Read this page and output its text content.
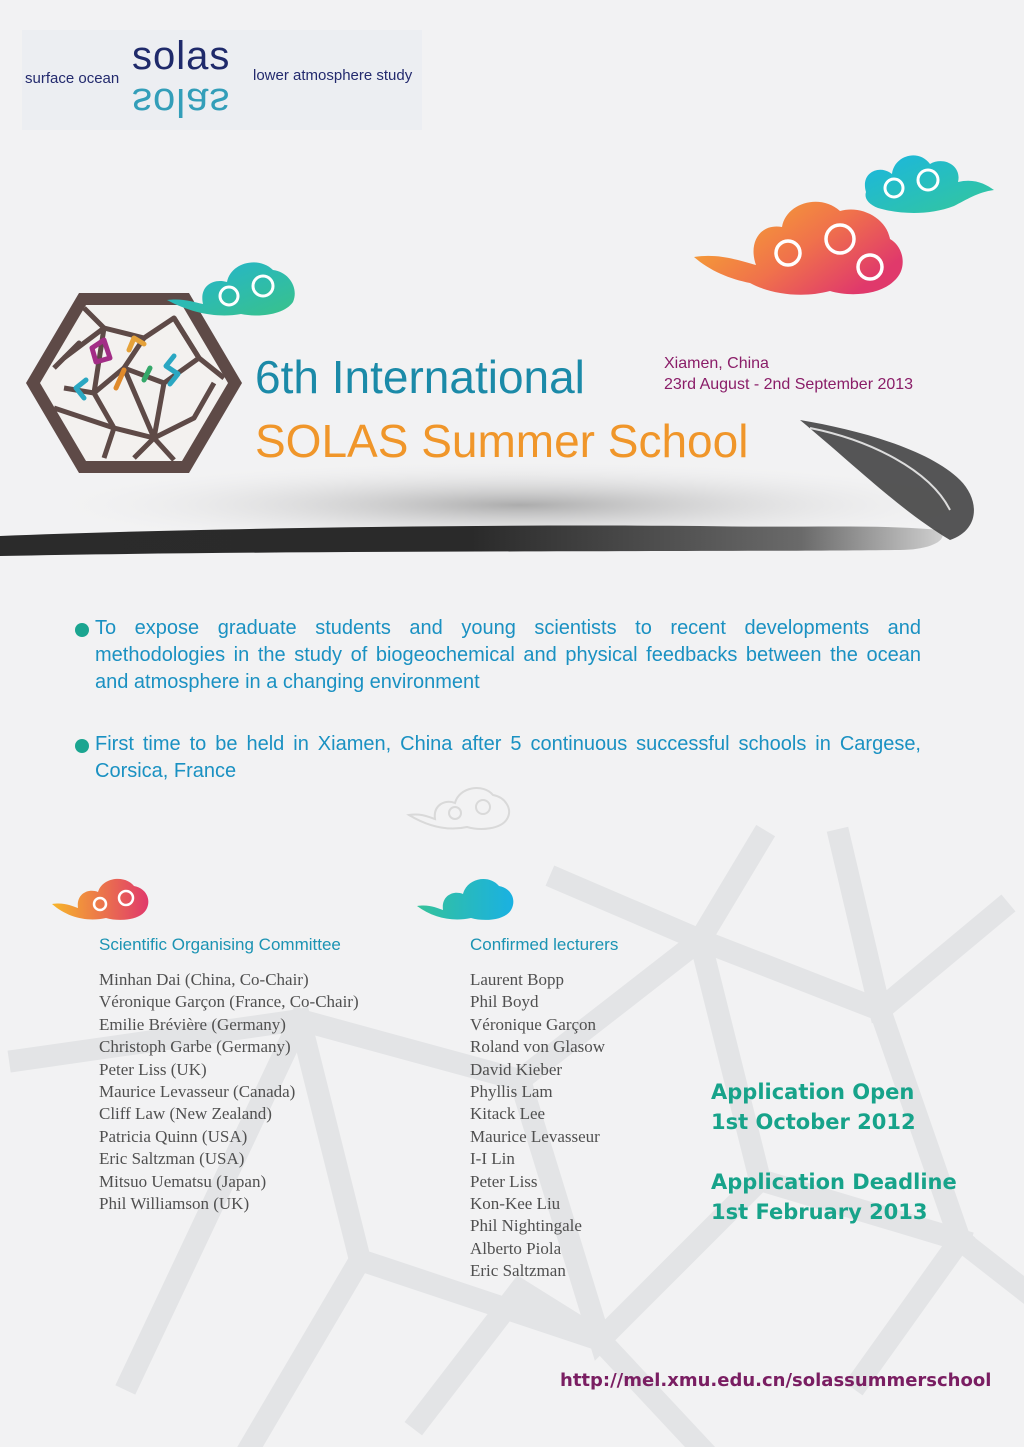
surface ocean
solas
solas
lower atmosphere study
6th International
SOLAS Summer School
Xiamen, China
23rd August - 2nd September 2013
To expose graduate students and young scientists to recent developments and methodologies in the study of biogeochemical and physical feedbacks between the ocean and atmosphere in a changing environment
First time to be held in Xiamen, China after 5 continuous successful schools in Cargese, Corsica, France
Scientific Organising Committee
Minhan Dai (China, Co-Chair)
Véronique Garçon (France, Co-Chair)
Emilie Brévière (Germany)
Christoph Garbe (Germany)
Peter Liss (UK)
Maurice Levasseur (Canada)
Cliff Law (New Zealand)
Patricia Quinn (USA)
Eric Saltzman (USA)
Mitsuo Uematsu (Japan)
Phil Williamson (UK)
Confirmed lecturers
Laurent Bopp
Phil Boyd
Véronique Garçon
Roland von Glasow
David Kieber
Phyllis Lam
Kitack Lee
Maurice Levasseur
I-I Lin
Peter Liss
Kon-Kee Liu
Phil Nightingale
Alberto Piola
Eric Saltzman
Application Open
1st October 2012
Application Deadline
1st February 2013
http://mel.xmu.edu.cn/solassummerschool
